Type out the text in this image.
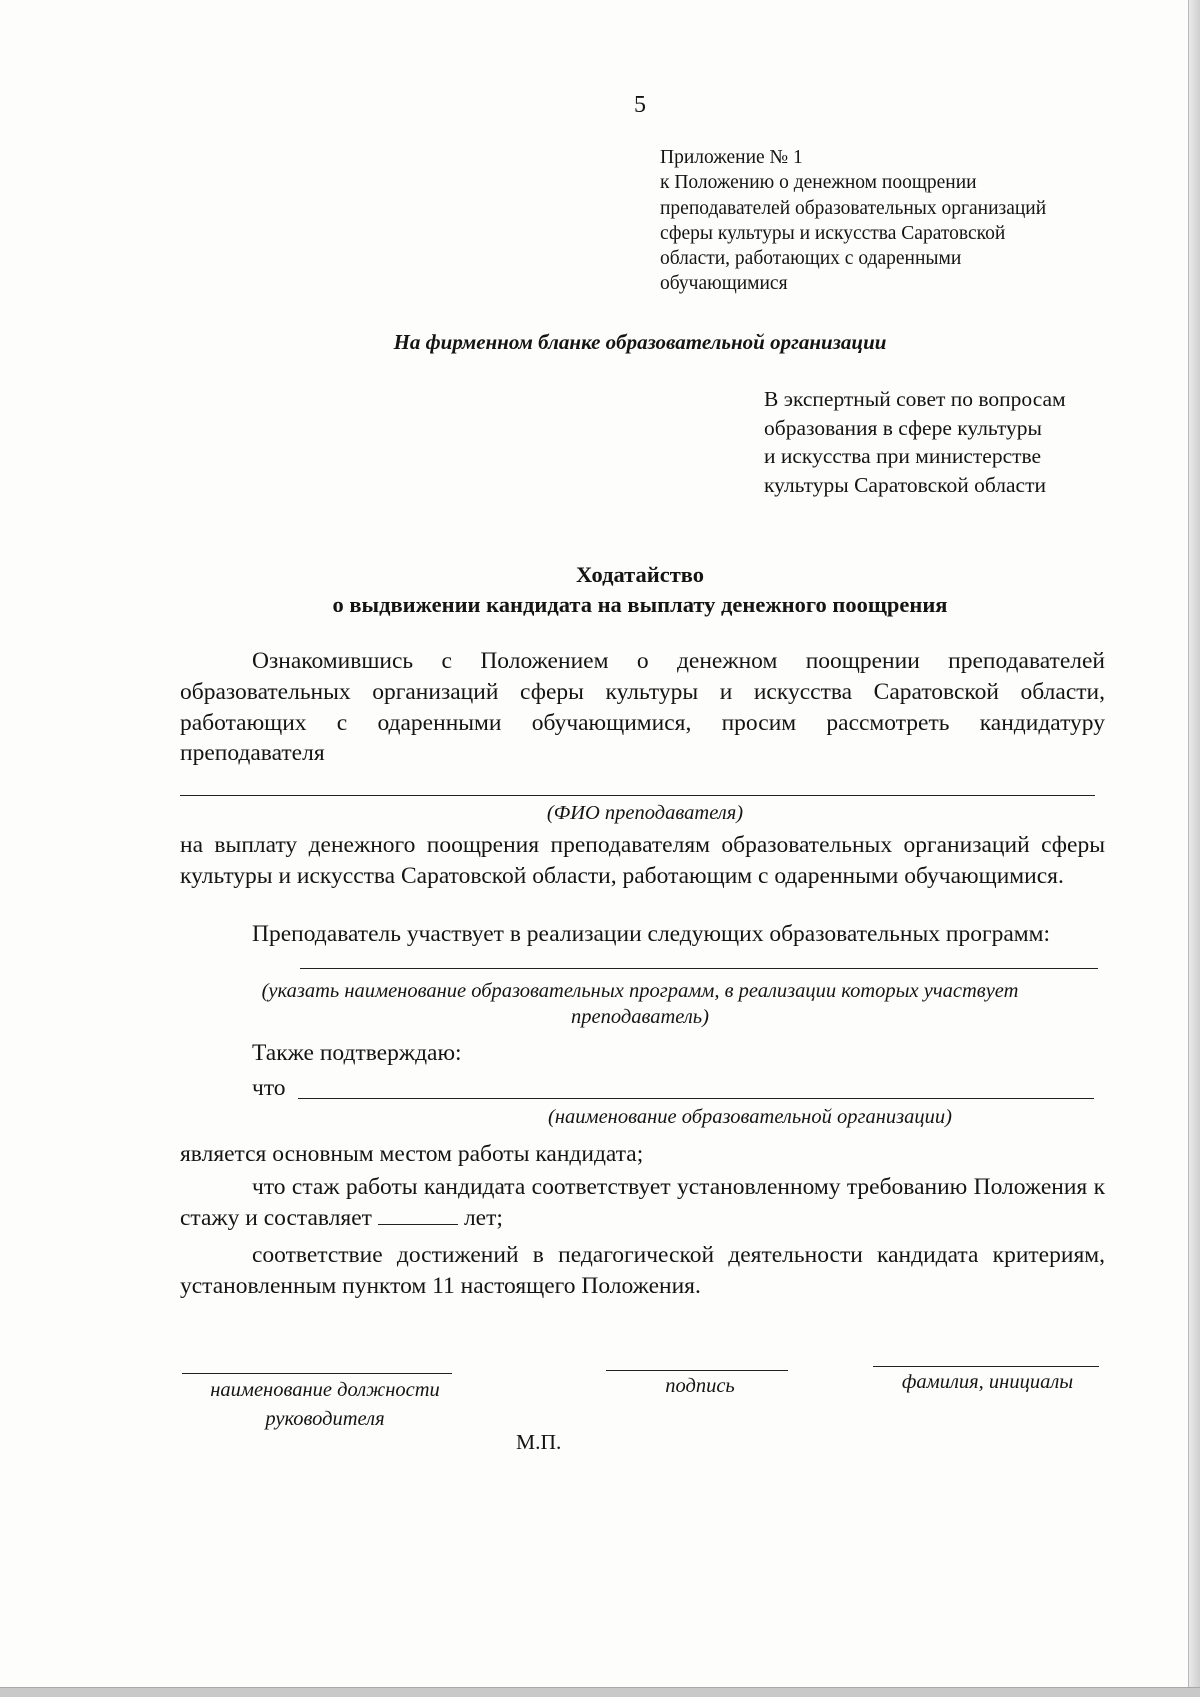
5

Приложение № 1
к Положению о денежном поощрении
преподавателей образовательных организаций
сферы культуры и искусства Саратовской
области, работающих с одаренными
обучающимися

На фирменном бланке образовательной организации

В экспертный совет по вопросам
образования в сфере культуры
и искусства при министерстве
культуры Саратовской области
Ходатайство
о выдвижении кандидата на выплату денежного поощрения

Ознакомившись с Положением о денежном поощрении преподавателей образовательных организаций сферы культуры и искусства Саратовской области, работающих с одаренными обучающимися, просим рассмотреть кандидатуру преподавателя

(ФИО преподавателя)

на выплату денежного поощрения преподавателям образовательных организаций сферы культуры и искусства Саратовской области, работающим с одаренными обучающимися.

Преподаватель участвует в реализации следующих образовательных программ:

(указать наименование образовательных программ, в реализации которых участвует
преподаватель)

Также подтверждаю:

что

(наименование образовательной организации)

является основным местом работы кандидата;

что стаж работы кандидата соответствует установленному требованию Положения к стажу и составляет	лет;

соответствие достижений в педагогической деятельности кандидата критериям, установленным пунктом 11 настоящего Положения.

наименование должности
руководителя

подпись	фамилия, инициалы

М.П.
